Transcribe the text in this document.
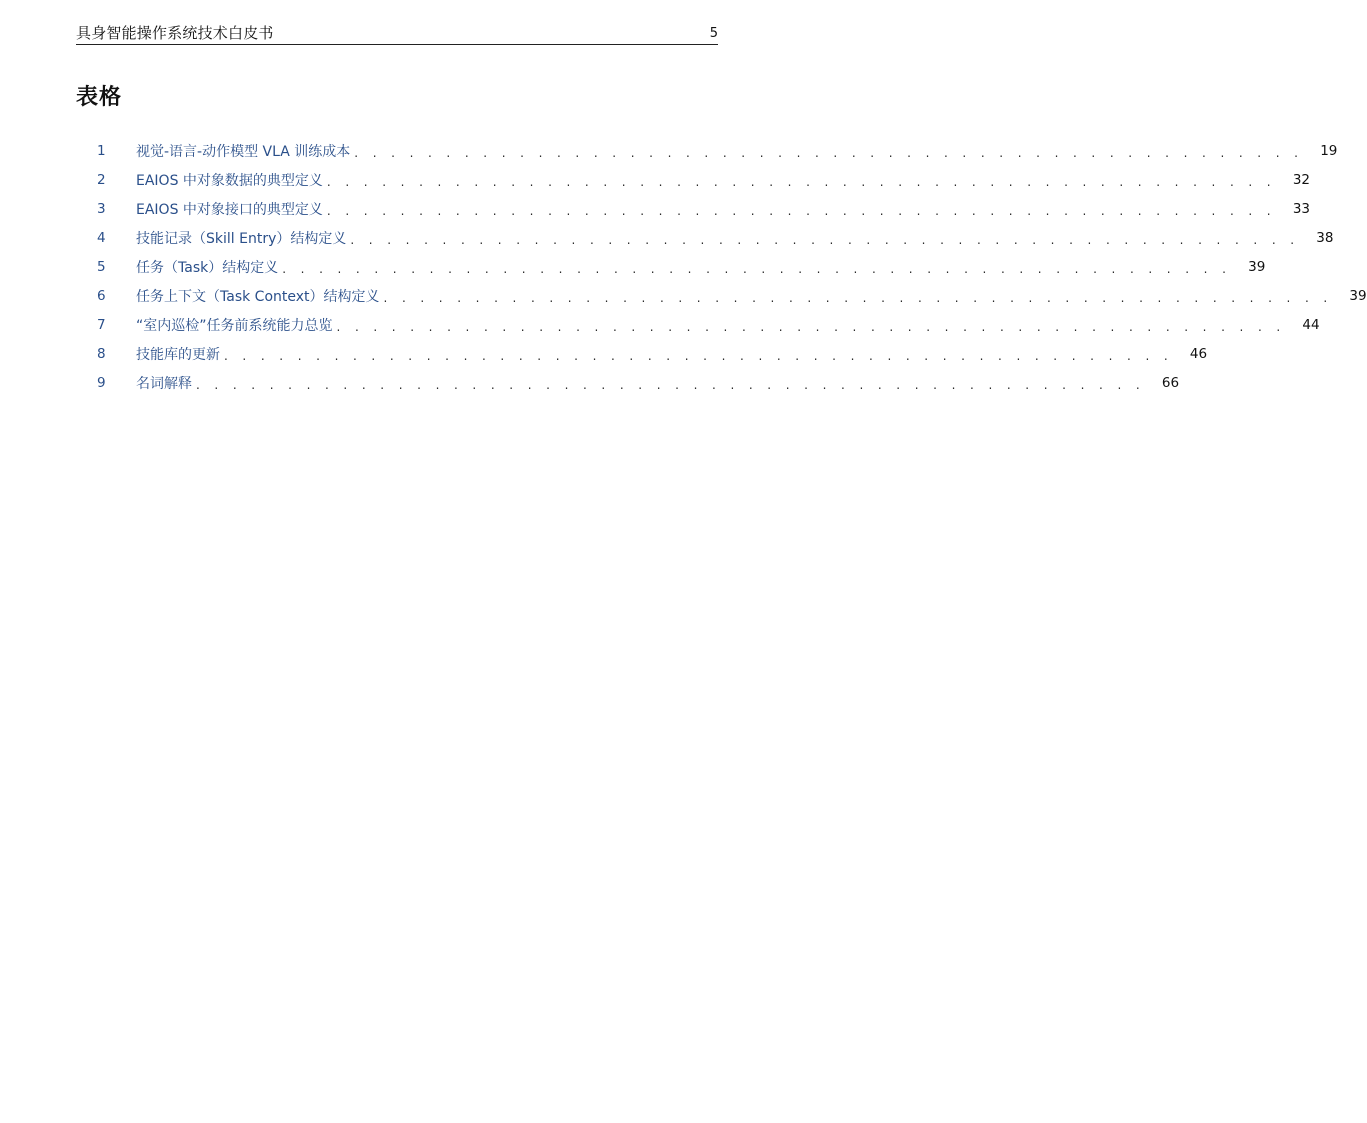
具身智能操作系统技术白皮书	5
表格
1	视觉-语言-动作模型 VLA 训练成本 . . . . . . . . . . . . . . . . . . . . . . . . . . . . . . . . . . . . . . . . . . . . . . . . . . . .	19
2	EAIOS 中对象数据的典型定义 . . . . . . . . . . . . . . . . . . . . . . . . . . . . . . . . . . . . . . . . . . . . . . . . . . . .	32
3	EAIOS 中对象接口的典型定义 . . . . . . . . . . . . . . . . . . . . . . . . . . . . . . . . . . . . . . . . . . . . . . . . . . . .	33
4	技能记录（Skill Entry）结构定义 . . . . . . . . . . . . . . . . . . . . . . . . . . . . . . . . . . . . . . . . . . . . . . . . . . . .	38
5	任务（Task）结构定义 . . . . . . . . . . . . . . . . . . . . . . . . . . . . . . . . . . . . . . . . . . . . . . . . . . . .	39
6	任务上下文（Task Context）结构定义 . . . . . . . . . . . . . . . . . . . . . . . . . . . . . . . . . . . . . . . . . . . . . . . . . . . .	39
7	“室内巡检”任务前系统能力总览 . . . . . . . . . . . . . . . . . . . . . . . . . . . . . . . . . . . . . . . . . . . . . . . . . . . .	44
8	技能库的更新 . . . . . . . . . . . . . . . . . . . . . . . . . . . . . . . . . . . . . . . . . . . . . . . . . . . .	46
9	名词解释 . . . . . . . . . . . . . . . . . . . . . . . . . . . . . . . . . . . . . . . . . . . . . . . . . . . .	66
